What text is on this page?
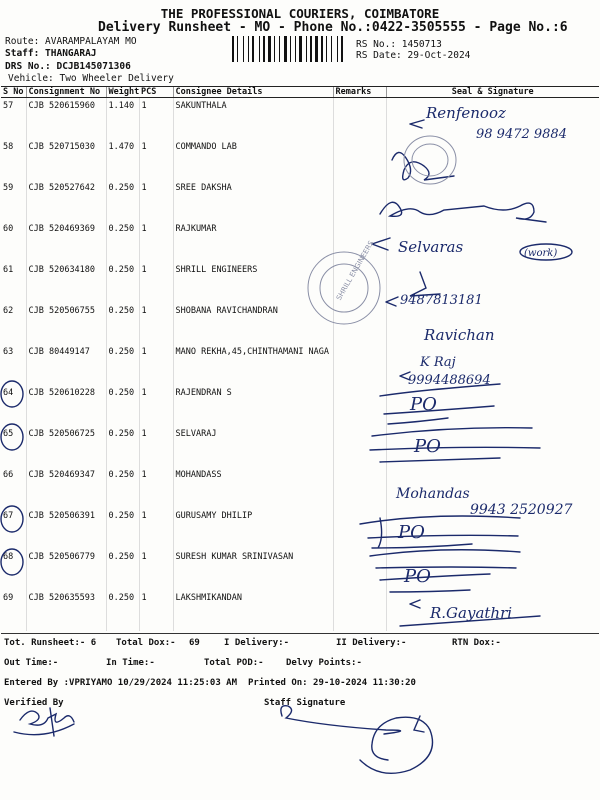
THE PROFESSIONAL COURIERS, COIMBATORE
Delivery Runsheet - MO - Phone No.:0422-3505555 - Page No.:6
Route: AVARAMPALAYAM MO
Staff: THANGARAJ
DRS No.: DCJB145071306
Vehicle: Two Wheeler Delivery
RS No.: 1450713
RS Date: 29-Oct-2024
S No	Consignment No	Weight	PCS	Consignee Details	Remarks	Seal & Signature
57	CJB 520615960	1.140	1	SAKUNTHALA		
58	CJB 520715030	1.470	1	COMMANDO LAB		
59	CJB 520527642	0.250	1	SREE DAKSHA		
60	CJB 520469369	0.250	1	RAJKUMAR		
61	CJB 520634180	0.250	1	SHRILL ENGINEERS		
62	CJB 520506755	0.250	1	SHOBANA RAVICHANDRAN		
63	CJB 80449147	0.250	1	MANO REKHA,45,CHINTHAMANI NAGA		
64	CJB 520610228	0.250	1	RAJENDRAN S		
65	CJB 520506725	0.250	1	SELVARAJ		
66	CJB 520469347	0.250	1	MOHANDASS		
67	CJB 520506391	0.250	1	GURUSAMY DHILIP		
68	CJB 520506779	0.250	1	SURESH KUMAR SRINIVASAN		
69	CJB 520635593	0.250	1	LAKSHMIKANDAN		
SHRILL ENGINEERS
Renfenooz
98 9472 9884
Selvaras	(work)
9487813181
Ravichan
K Raj
9994488694
PO
PO
Mohandas
9943 2520927
PO
PO
R.Gayathri
Tot. Runsheet:- 6 Total Dox:- 69	I Delivery:-	II Delivery:-	RTN Dox:-
Out Time:-	In Time:-	Total POD:- Delvy Points:-
Entered By :VPRIYAMO 10/29/2024 11:25:03 AM Printed On: 29-10-2024 11:30:20
Verified By	Staff Signature
